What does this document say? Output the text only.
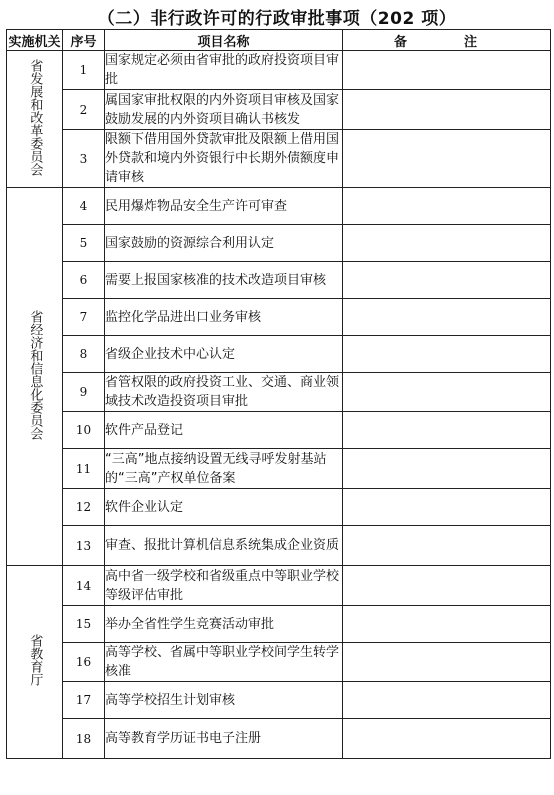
（二）非行政许可的行政审批事项（202 项）
实施机关	序号	项目名称	备　注
省发展和改革委员会	1	国家规定必须由省审批的政府投资项目审批	
	2	属国家审批权限的内外资项目审核及国家鼓励发展的内外资项目确认书核发	
	3	限额下借用国外贷款审批及限额上借用国外贷款和境内外资银行中长期外债额度申请审核	
省经济和信息化委员会	4	民用爆炸物品安全生产许可审查	
	5	国家鼓励的资源综合利用认定	
	6	需要上报国家核准的技术改造项目审核	
	7	监控化学品进出口业务审核	
	8	省级企业技术中心认定	
	9	省管权限的政府投资工业、交通、商业领域技术改造投资项目审批	
	10	软件产品登记	
	11	“三高”地点接纳设置无线寻呼发射基站的“三高”产权单位备案	
	12	软件企业认定	
	13	审查、报批计算机信息系统集成企业资质	
省教育厅	14	高中省一级学校和省级重点中等职业学校等级评估审批	
	15	举办全省性学生竞赛活动审批	
	16	高等学校、省属中等职业学校间学生转学核准	
	17	高等学校招生计划审核	
	18	高等教育学历证书电子注册	
